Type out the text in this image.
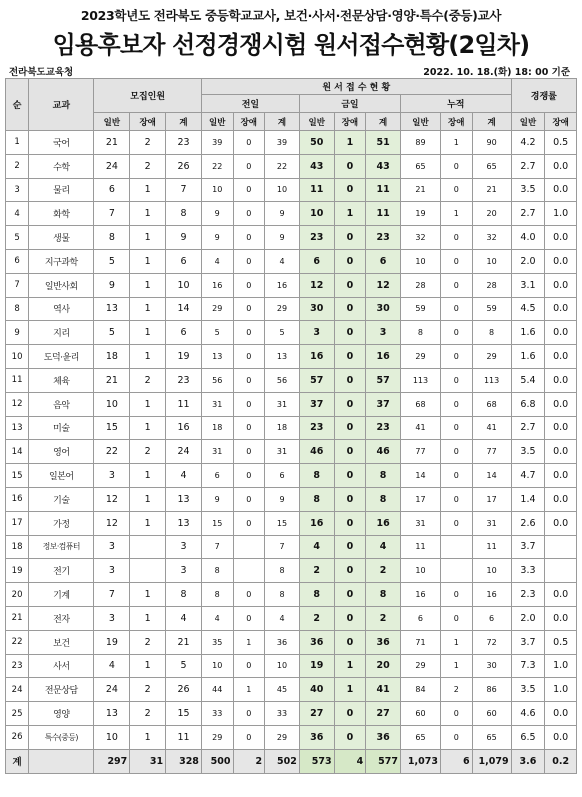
2023학년도 전라북도 중등학교교사, 보건·사서·전문상담·영양·특수(중등)교사
임용후보자 선정경쟁시험 원서접수현황(2일차)
전라북도교육청	2022. 10. 18.(화) 18: 00 기준
순	교과	모집인원			원 서 접 수 현 황									경쟁률	
					전일			금일			누적				
		일반	장애	계	일반	장애	계	일반	장애	계	일반	장애	계	일반	장애
1	국어	21	2	23	39	0	39	50	1	51	89	1	90	4.2	0.5
2	수학	24	2	26	22	0	22	43	0	43	65	0	65	2.7	0.0
3	물리	6	1	7	10	0	10	11	0	11	21	0	21	3.5	0.0
4	화학	7	1	8	9	0	9	10	1	11	19	1	20	2.7	1.0
5	생물	8	1	9	9	0	9	23	0	23	32	0	32	4.0	0.0
6	지구과학	5	1	6	4	0	4	6	0	6	10	0	10	2.0	0.0
7	일반사회	9	1	10	16	0	16	12	0	12	28	0	28	3.1	0.0
8	역사	13	1	14	29	0	29	30	0	30	59	0	59	4.5	0.0
9	지리	5	1	6	5	0	5	3	0	3	8	0	8	1.6	0.0
10	도덕·윤리	18	1	19	13	0	13	16	0	16	29	0	29	1.6	0.0
11	체육	21	2	23	56	0	56	57	0	57	113	0	113	5.4	0.0
12	음악	10	1	11	31	0	31	37	0	37	68	0	68	6.8	0.0
13	미술	15	1	16	18	0	18	23	0	23	41	0	41	2.7	0.0
14	영어	22	2	24	31	0	31	46	0	46	77	0	77	3.5	0.0
15	일본어	3	1	4	6	0	6	8	0	8	14	0	14	4.7	0.0
16	기술	12	1	13	9	0	9	8	0	8	17	0	17	1.4	0.0
17	가정	12	1	13	15	0	15	16	0	16	31	0	31	2.6	0.0
18	정보·컴퓨터	3		3	7		7	4	0	4	11		11	3.7	
19	전기	3		3	8		8	2	0	2	10		10	3.3	
20	기계	7	1	8	8	0	8	8	0	8	16	0	16	2.3	0.0
21	전자	3	1	4	4	0	4	2	0	2	6	0	6	2.0	0.0
22	보건	19	2	21	35	1	36	36	0	36	71	1	72	3.7	0.5
23	사서	4	1	5	10	0	10	19	1	20	29	1	30	7.3	1.0
24	전문상담	24	2	26	44	1	45	40	1	41	84	2	86	3.5	1.0
25	영양	13	2	15	33	0	33	27	0	27	60	0	60	4.6	0.0
26	특수(중등)	10	1	11	29	0	29	36	0	36	65	0	65	6.5	0.0
계		297	31	328	500	2	502	573	4	577	1,073	6	1,079	3.6	0.2
